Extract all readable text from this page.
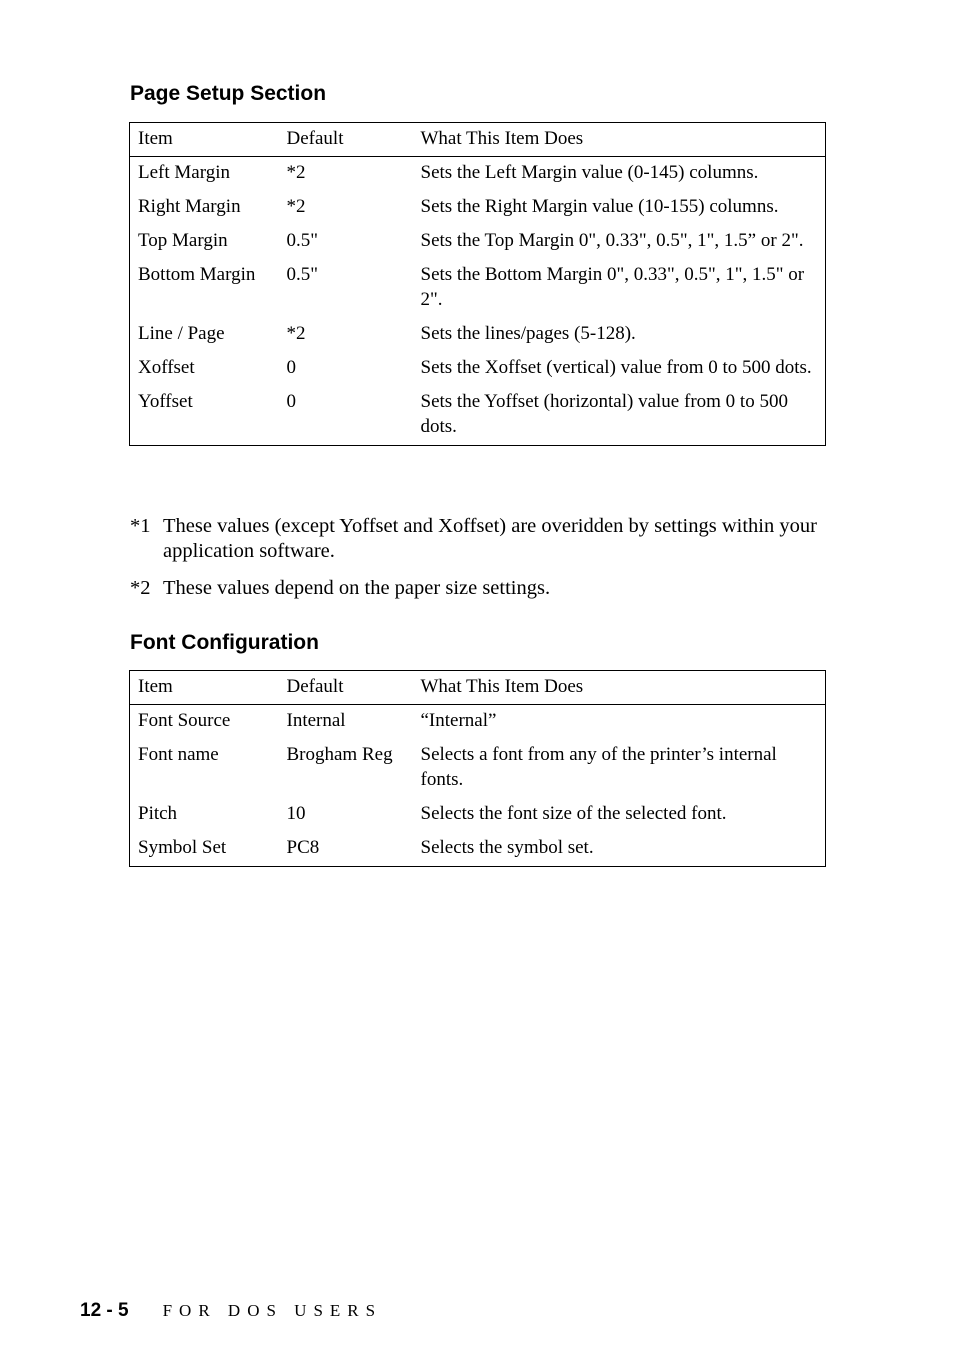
Page Setup Section
Item	Default	What This Item Does
Left Margin	*2	Sets the Left Margin value (0-145) columns.
Right Margin	*2	Sets the Right Margin value (10-155) columns.
Top Margin	0.5"	Sets the Top Margin 0", 0.33", 0.5", 1", 1.5” or 2".
Bottom Margin	0.5"	Sets the Bottom Margin 0", 0.33", 0.5", 1", 1.5" or 2".
Line / Page	*2	Sets the lines/pages (5-128).
Xoffset	0	Sets the Xoffset (vertical) value from 0 to 500 dots.
Yoffset	0	Sets the Yoffset (horizontal) value from 0 to 500 dots.
*1 These values (except Yoffset and Xoffset) are overidden by settings within your application software.
*2 These values depend on the paper size settings.
Font Configuration
Item	Default	What This Item Does
Font Source	Internal	“Internal”
Font name	Brogham Reg	Selects a font from any of the printer’s internal fonts.
Pitch	10	Selects the font size of the selected font.
Symbol Set	PC8	Selects the symbol set.
12 - 5 FOR DOS USERS
